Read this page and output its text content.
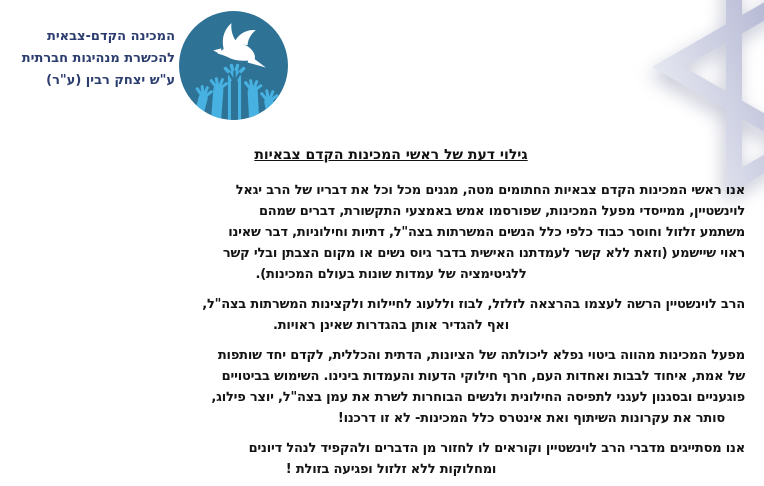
המכינה הקדם-צבאית
להכשרת מנהיגות חברתית
ע"ש יצחק רבין (ע"ר)
גילוי דעת של ראשי המכינות הקדם צבאיות
אנו ראשי המכינות הקדם צבאיות החתומים מטה, מגנים מכל וכל את דבריו של הרב יגאל
לוינשטיין, ממייסדי מפעל המכינות, שפורסמו אמש באמצעי התקשורת, דברים שמהם
משתמע זלזול וחוסר כבוד כלפי כלל הנשים המשרתות בצה"ל, דתיות וחילוניות, דבר שאינו
ראוי שיישמע (וזאת ללא קשר לעמדתנו האישית בדבר גיוס נשים או מקום הצבתן ובלי קשר
ללגיטימציה של עמדות שונות בעולם המכינות).
הרב לוינשטיין הרשה לעצמו בהרצאה לזלזל, לבוז וללעוג לחיילות ולקצינות המשרתות בצה"ל,
ואף להגדיר אותן בהגדרות שאינן ראויות.
מפעל המכינות מהווה ביטוי נפלא ליכולתה של הציונות, הדתית והכללית, לקדם יחד שותפות
של אמת, איחוד לבבות ואחדות העם, חרף חילוקי הדעות והעמדות בינינו. השימוש בביטויים
פוגעניים ובסגנון לעגני לתפיסה החילונית ולנשים הבוחרות לשרת את עמן בצה"ל, יוצר פילוג,
סותר את עקרונות השיתוף ואת אינטרס כלל המכינות- לא זו דרכנו!
אנו מסתייגים מדברי הרב לוינשטיין וקוראים לו לחזור מן הדברים ולהקפיד לנהל דיונים
ומחלוקות ללא זלזול ופגיעה בזולת !
